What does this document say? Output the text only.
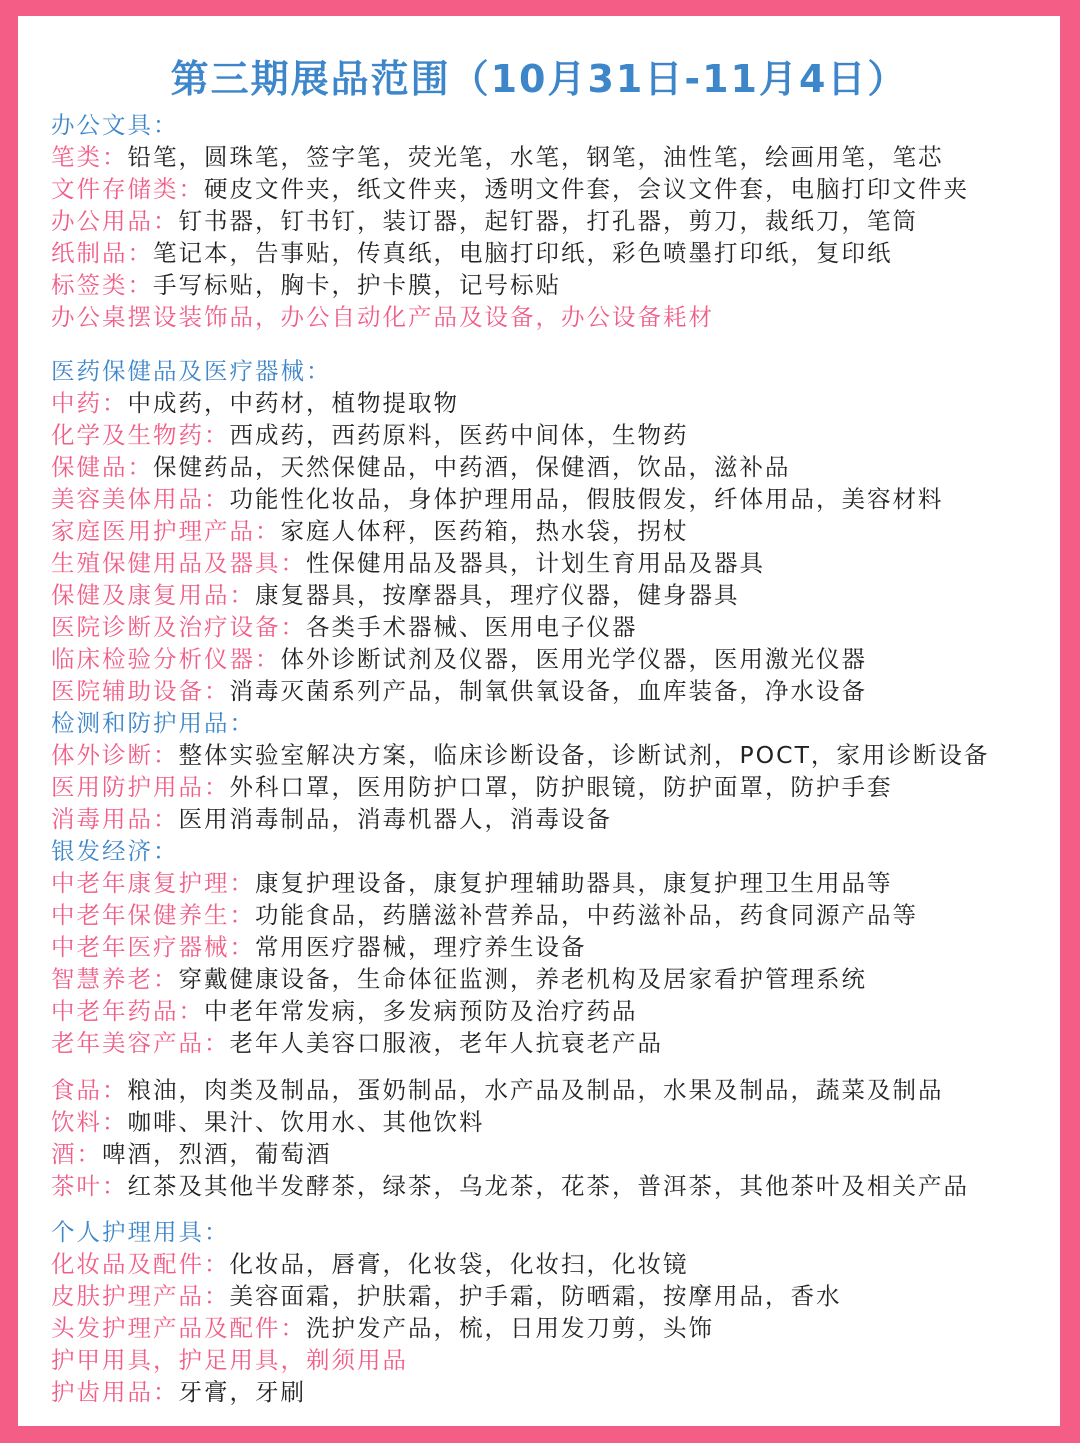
第三期展品范围（10月31日-11月4日）
办公文具：
笔类：铅笔，圆珠笔，签字笔，荧光笔，水笔，钢笔，油性笔，绘画用笔，笔芯
文件存储类：硬皮文件夹，纸文件夹，透明文件套，会议文件套，电脑打印文件夹
办公用品：钉书器，钉书钉，装订器，起钉器，打孔器，剪刀，裁纸刀，笔筒
纸制品：笔记本，告事贴，传真纸，电脑打印纸，彩色喷墨打印纸，复印纸
标签类：手写标贴，胸卡，护卡膜，记号标贴
办公桌摆设装饰品，办公自动化产品及设备，办公设备耗材
医药保健品及医疗器械：
中药：中成药，中药材，植物提取物
化学及生物药：西成药，西药原料，医药中间体，生物药
保健品：保健药品，天然保健品，中药酒，保健酒，饮品，滋补品
美容美体用品：功能性化妆品，身体护理用品，假肢假发，纤体用品，美容材料
家庭医用护理产品：家庭人体秤，医药箱，热水袋，拐杖
生殖保健用品及器具：性保健用品及器具，计划生育用品及器具
保健及康复用品：康复器具，按摩器具，理疗仪器，健身器具
医院诊断及治疗设备：各类手术器械、医用电子仪器
临床检验分析仪器：体外诊断试剂及仪器，医用光学仪器，医用激光仪器
医院辅助设备：消毒灭菌系列产品，制氧供氧设备，血库装备，净水设备
检测和防护用品：
体外诊断：整体实验室解决方案，临床诊断设备，诊断试剂，POCT，家用诊断设备
医用防护用品：外科口罩，医用防护口罩，防护眼镜，防护面罩，防护手套
消毒用品：医用消毒制品，消毒机器人，消毒设备
银发经济：
中老年康复护理：康复护理设备，康复护理辅助器具，康复护理卫生用品等
中老年保健养生：功能食品，药膳滋补营养品，中药滋补品，药食同源产品等
中老年医疗器械：常用医疗器械，理疗养生设备
智慧养老：穿戴健康设备，生命体征监测，养老机构及居家看护管理系统
中老年药品：中老年常发病，多发病预防及治疗药品
老年美容产品：老年人美容口服液，老年人抗衰老产品
食品：粮油，肉类及制品，蛋奶制品，水产品及制品，水果及制品，蔬菜及制品
饮料：咖啡、果汁、饮用水、其他饮料
酒：啤酒，烈酒，葡萄酒
茶叶：红茶及其他半发酵茶，绿茶，乌龙茶，花茶，普洱茶，其他茶叶及相关产品
个人护理用具：
化妆品及配件：化妆品，唇膏，化妆袋，化妆扫，化妆镜
皮肤护理产品：美容面霜，护肤霜，护手霜，防晒霜，按摩用品，香水
头发护理产品及配件：洗护发产品，梳，日用发刀剪，头饰
护甲用具，护足用具，剃须用品
护齿用品：牙膏，牙刷
